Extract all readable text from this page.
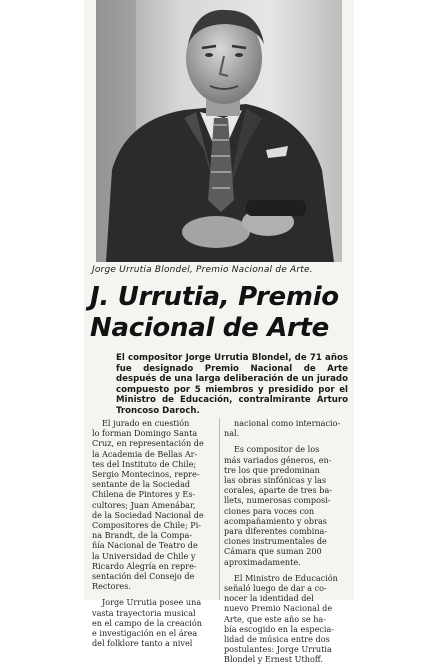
Jorge Urrutia Blondel, Premio Nacional de Arte.
J. Urrutia, Premio
Nacional de Arte
El compositor Jorge Urrutia Blondel, de 71 años fue designado Premio Nacional de Arte después de una larga deliberación de un jurado compuesto por 5 miembros y presidido por el Ministro de Educación, contralmirante Arturo Troncoso Daroch.
El jurado en cuestión
lo forman Domingo Santa
Cruz, en representación de
la Academia de Bellas Ar-
tes del Instituto de Chile;
Sergio Montecinos, repre-
sentante de la Sociedad
Chilena de Pintores y Es-
cultores; Juan Amenábar,
de la Sociedad Nacional de
Compositores de Chile; Pi-
na Brandt, de la Compa-
ñía Nacional de Teatro de
la Universidad de Chile y
Ricardo Alegría en repre-
sentación del Consejo de
Rectores.
Jorge Urrutia posee una
vasta trayectoria musical
en el campo de la creación
e investigación en el área
del folklore tanto a nivel
nacional como internacio-
nal.
Es compositor de los
más variados géneros, en-
tre los que predominan
las obras sinfónicas y las
corales, aparte de tres ba-
llets, numerosas composi-
ciones para voces con
acompañamiento y obras
para diferentes combina-
ciones instrumentales de
Cámara que suman 200
aproximadamente.
El Ministro de Educación
señaló luego de dar a co-
nocer la identidad del
nuevo Premio Nacional de
Arte, que este año se ha-
bía escogido en la especia-
lidad de música entre dos
postulantes: Jorge Urrutia
Blondel y Ernest Uthoff.
